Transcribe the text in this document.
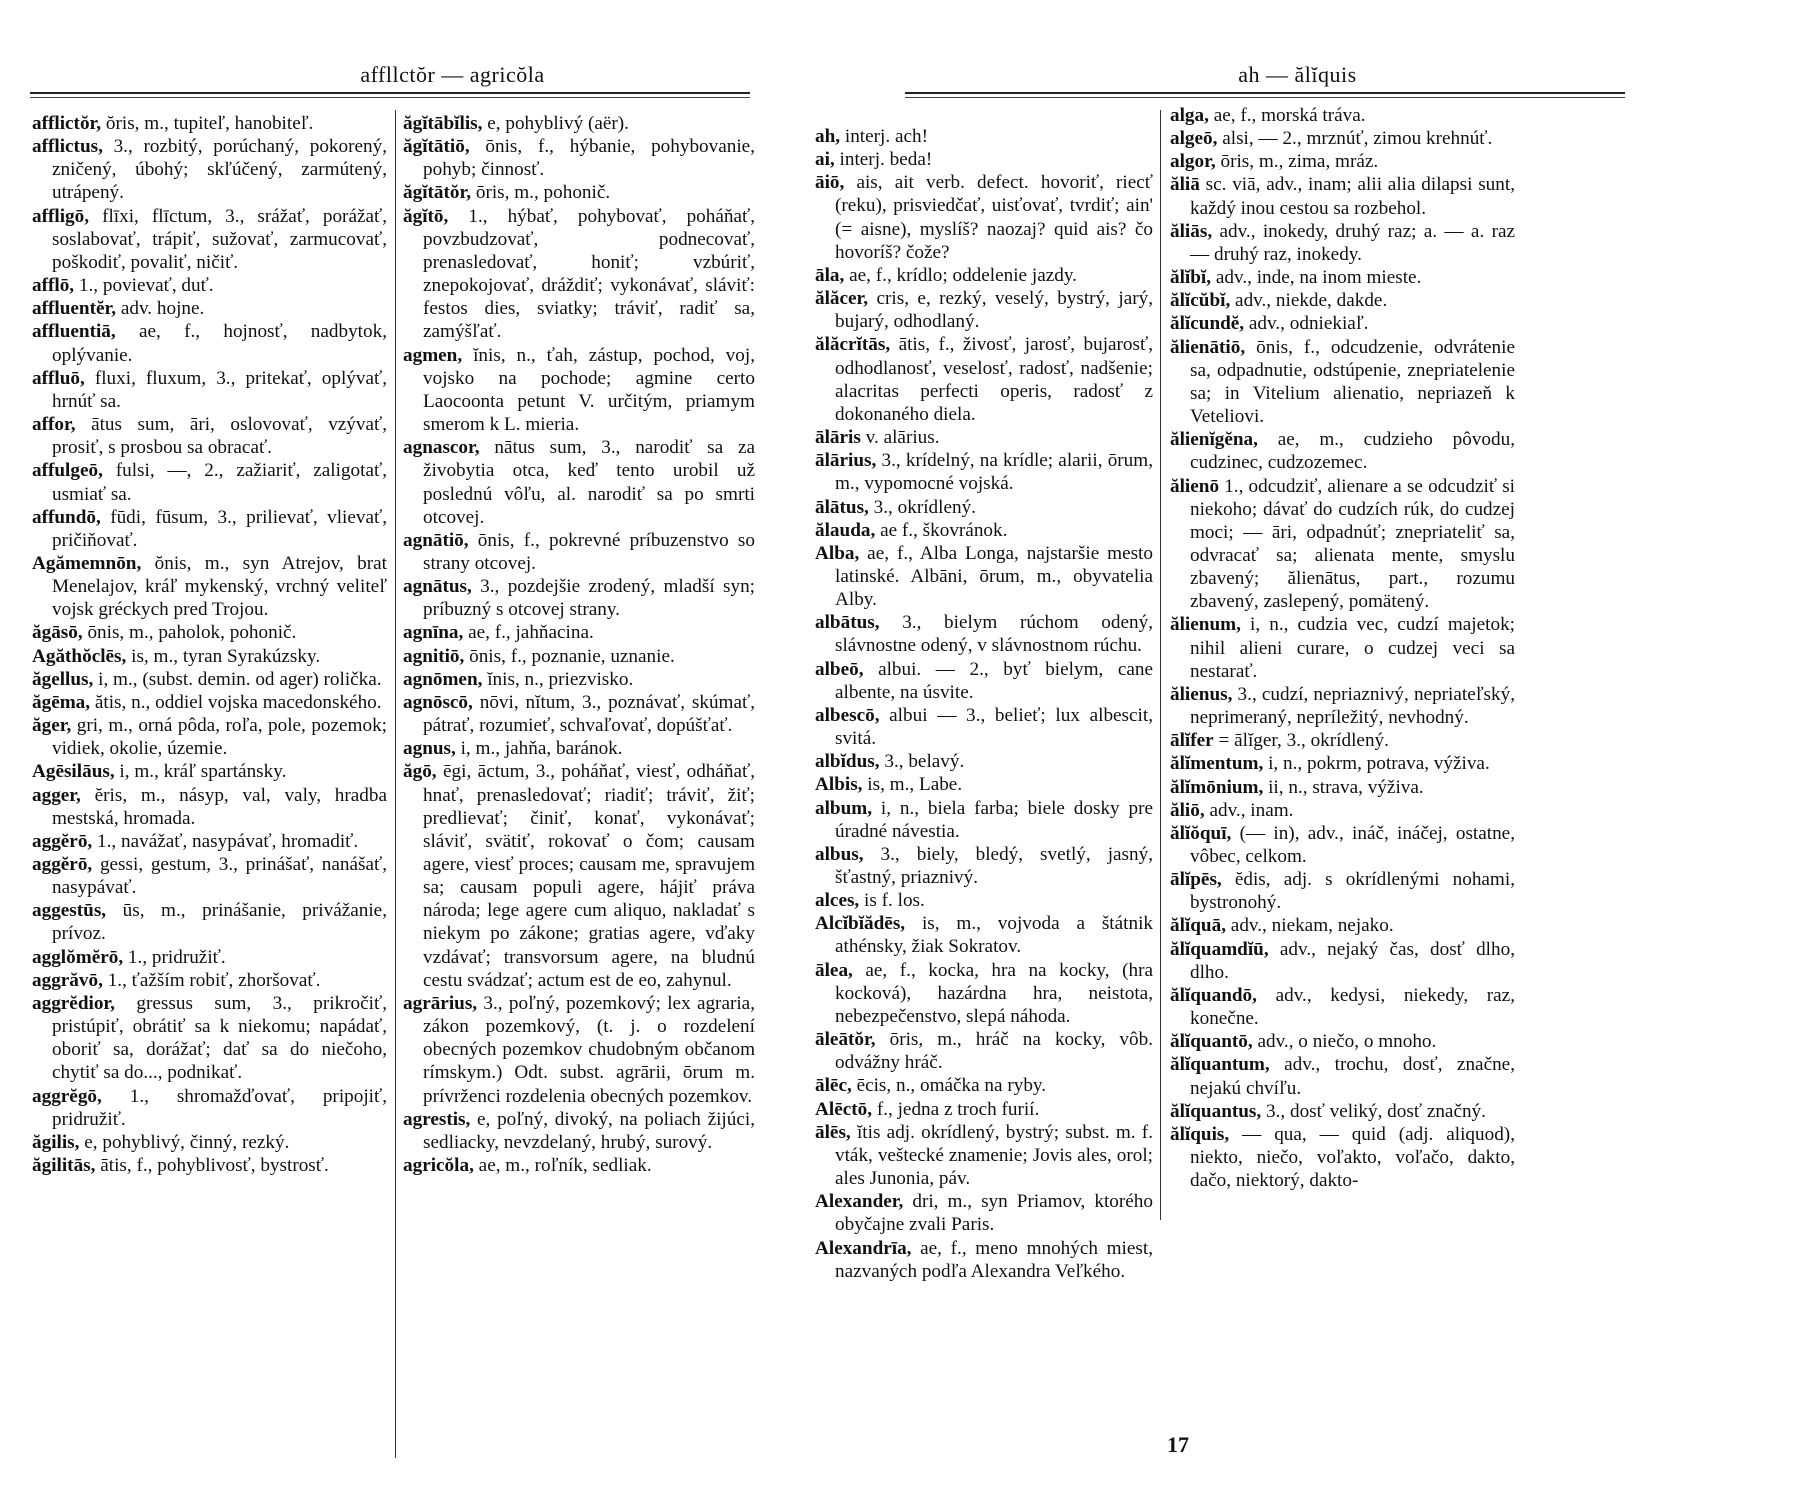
affllctŏr — agricŏla

afflictŏr, ŏris, m., tupiteľ, hanobiteľ.

afflictus, 3., rozbitý, porúchaný, pokorený, zničený, úbohý; skľúčený, zarmútený, utrápený.

affligō, flīxi, flīctum, 3., srážať, porážať, soslabovať, trápiť, sužovať, zarmucovať, poškodiť, povaliť, ničiť.

afflō, 1., povievať, duť.

affluentĕr, adv. hojne.

affluentiā, ae, f., hojnosť, nadbytok, oplývanie.

affluō, fluxi, fluxum, 3., pritekať, oplývať, hrnúť sa.

affor, ātus sum, āri, oslovovať, vzývať, prosiť, s prosbou sa obracať.

affulgeō, fulsi, —, 2., zažiariť, zaligotať, usmiať sa.

affundō, fūdi, fūsum, 3., prilievať, vlievať, pričiňovať.

Agămemnōn, ŏnis, m., syn Atrejov, brat Menelajov, kráľ mykenský, vrchný veliteľ vojsk gréckych pred Trojou.

ăgāsō, ōnis, m., paholok, pohonič.

Agăthŏclēs, is, m., tyran Syrakúzsky.

ăgellus, i, m., (subst. demin. od ager) rolička.

ăgēma, ătis, n., oddiel vojska macedonského.

ăger, gri, m., orná pôda, roľa, pole, pozemok; vidiek, okolie, územie.

Agēsilāus, i, m., kráľ spartánsky.

agger, ĕris, m., násyp, val, valy, hradba mestská, hromada.

aggĕrō, 1., navážať, nasypávať, hromadiť.

aggĕrō, gessi, gestum, 3., prinášať, nanášať, nasypávať.

aggestūs, ūs, m., prinášanie, privážanie, prívoz.

agglŏmĕrō, 1., pridružiť.

aggrăvō, 1., ťažším robiť, zhoršovať.

aggrĕdior, gressus sum, 3., prikročiť, pristúpiť, obrátiť sa k niekomu; napádať, oboriť sa, dorážať; dať sa do niečoho, chytiť sa do..., podnikať.

aggrĕgō, 1., shromažďovať, pripojiť, pridružiť.

ăgilis, e, pohyblivý, činný, rezký.

ăgilitās, ātis, f., pohyblivosť, bystrosť.

ăgĭtābĭlis, e, pohyblivý (aër).

ăgĭtātiō, ōnis, f., hýbanie, pohybovanie, pohyb; činnosť.

ăgĭtātŏr, ōris, m., pohonič.

ăgĭtō, 1., hýbať, pohybovať, poháňať, povzbudzovať, podnecovať, prenasledovať, honiť; vzbúriť, znepokojovať, dráždiť; vykonávať, sláviť: festos dies, sviatky; tráviť, radiť sa, zamýšľať.

agmen, ĭnis, n., ťah, zástup, pochod, voj, vojsko na pochode; agmine certo Laocoonta petunt V. určitým, priamym smerom k L. mieria.

agnascor, nātus sum, 3., narodiť sa za živobytia otca, keď tento urobil už poslednú vôľu, al. narodiť sa po smrti otcovej.

agnātiō, ōnis, f., pokrevné príbuzenstvo so strany otcovej.

agnātus, 3., pozdejšie zrodený, mladší syn; príbuzný s otcovej strany.

agnīna, ae, f., jahňacina.

agnitiō, ōnis, f., poznanie, uznanie.

agnōmen, ĭnis, n., priezvisko.

agnōscō, nōvi, nĭtum, 3., poznávať, skúmať, pátrať, rozumieť, schvaľovať, dopúšťať.

agnus, i, m., jahňa, baránok.

ăgō, ēgi, āctum, 3., poháňať, viesť, odháňať, hnať, prenasledovať; riadiť; tráviť, žiť; predlievať; činiť, konať, vykonávať; sláviť, svätiť, rokovať o čom; causam agere, viesť proces; causam me, spravujem sa; causam populi agere, hájiť práva národa; lege agere cum aliquo, nakladať s niekym po zákone; gratias agere, vďaky vzdávať; transvorsum agere, na bludnú cestu svádzať; actum est de eo, zahynul.

agrārius, 3., poľný, pozemkový; lex agraria, zákon pozemkový, (t. j. o rozdelení obecných pozemkov chudobným občanom rímskym.) Odt. subst. agrārii, ōrum m. prívrženci rozdelenia obecných pozemkov.

agrestis, e, poľný, divoký, na poliach žijúci, sedliacky, nevzdelaný, hrubý, surový.

agricŏla, ae, m., roľník, sedliak.

ah — ălĭquis

ah, interj. ach!

ai, interj. beda!

āiō, ais, ait verb. defect. hovoriť, riecť (reku), prisviedčať, uisťovať, tvrdiť; ain' (= aisne), myslíš? naozaj? quid ais? čo hovoríš? čože?

āla, ae, f., krídlo; oddelenie jazdy.

ălăcer, cris, e, rezký, veselý, bystrý, jarý, bujarý, odhodlaný.

ălăcrĭtās, ātis, f., živosť, jarosť, bujarosť, odhodlanosť, veselosť, radosť, nadšenie; alacritas perfecti operis, radosť z dokonaného diela.

ālāris v. alārius.

ālārius, 3., krídelný, na krídle; alarii, ōrum, m., vypomocné vojská.

ālātus, 3., okrídlený.

ălauda, ae f., škovránok.

Alba, ae, f., Alba Longa, najstaršie mesto latinské. Albāni, ōrum, m., obyvatelia Alby.

albātus, 3., bielym rúchom odený, slávnostne odený, v slávnostnom rúchu.

albeō, albui. — 2., byť bielym, cane albente, na úsvite.

albescō, albui — 3., belieť; lux albescit, svitá.

albĭdus, 3., belavý.

Albis, is, m., Labe.

album, i, n., biela farba; biele dosky pre úradné návestia.

albus, 3., biely, bledý, svetlý, jasný, šťastný, priaznivý.

alces, is f. los.

Alcĭbĭădēs, is, m., vojvoda a štátnik athénsky, žiak Sokratov.

ālea, ae, f., kocka, hra na kocky, (hra kocková), hazárdna hra, neistota, nebezpečenstvo, slepá náhoda.

āleātŏr, ōris, m., hráč na kocky, vôb. odvážny hráč.

ālēc, ēcis, n., omáčka na ryby.

Alēctō, f., jedna z troch furií.

ālēs, ĭtis adj. okrídlený, bystrý; subst. m. f. vták, veštecké znamenie; Jovis ales, orol; ales Junonia, páv.

Alexander, dri, m., syn Priamov, ktorého obyčajne zvali Paris.

Alexandrīa, ae, f., meno mnohých miest, nazvaných podľa Alexandra Veľkého.

alga, ae, f., morská tráva.

algeō, alsi, — 2., mrznúť, zimou krehnúť.

algor, ōris, m., zima, mráz.

ăliā sc. viā, adv., inam; alii alia dilapsi sunt, každý inou cestou sa rozbehol.

ăliās, adv., inokedy, druhý raz; a. — a. raz — druhý raz, inokedy.

ălĭbĭ, adv., inde, na inom mieste.

ălĭcŭbĭ, adv., niekde, dakde.

ălĭcundĕ, adv., odniekiaľ.

ălienātiō, ōnis, f., odcudzenie, odvrátenie sa, odpadnutie, odstúpenie, znepriatelenie sa; in Vitelium alienatio, nepriazeň k Veteliovi.

ălienĭgĕna, ae, m., cudzieho pôvodu, cudzinec, cudzozemec.

ălienō 1., odcudziť, alienare a se odcudziť si niekoho; dávať do cudzích rúk, do cudzej moci; — āri, odpadnúť; znepriateliť sa, odvracať sa; alienata mente, smyslu zbavený; ălienātus, part., rozumu zbavený, zaslepený, pomätený.

ălienum, i, n., cudzia vec, cudzí majetok; nihil alieni curare, o cudzej veci sa nestarať.

ălienus, 3., cudzí, nepriaznivý, nepriateľský, neprimeraný, nepríležitý, nevhodný.

ālĭfer = ālĭger, 3., okrídlený.

ălĭmentum, i, n., pokrm, potrava, výživa.

ălĭmōnium, ii, n., strava, výživa.

ăliō, adv., inam.

ălĭŏquī, (— in), adv., ináč, ináčej, ostatne, vôbec, celkom.

ālĭpēs, ĕdis, adj. s okrídlenými nohami, bystronohý.

ălĭquā, adv., niekam, nejako.

ălĭquamdĭū, adv., nejaký čas, dosť dlho, dlho.

ălĭquandō, adv., kedysi, niekedy, raz, konečne.

ălĭquantō, adv., o niečo, o mnoho.

ălĭquantum, adv., trochu, dosť, značne, nejakú chvíľu.

ălĭquantus, 3., dosť veliký, dosť značný.

ălĭquis, — qua, — quid (adj. aliquod), niekto, niečo, voľakto, voľačo, dakto, dačo, niektorý, dakto-

17
